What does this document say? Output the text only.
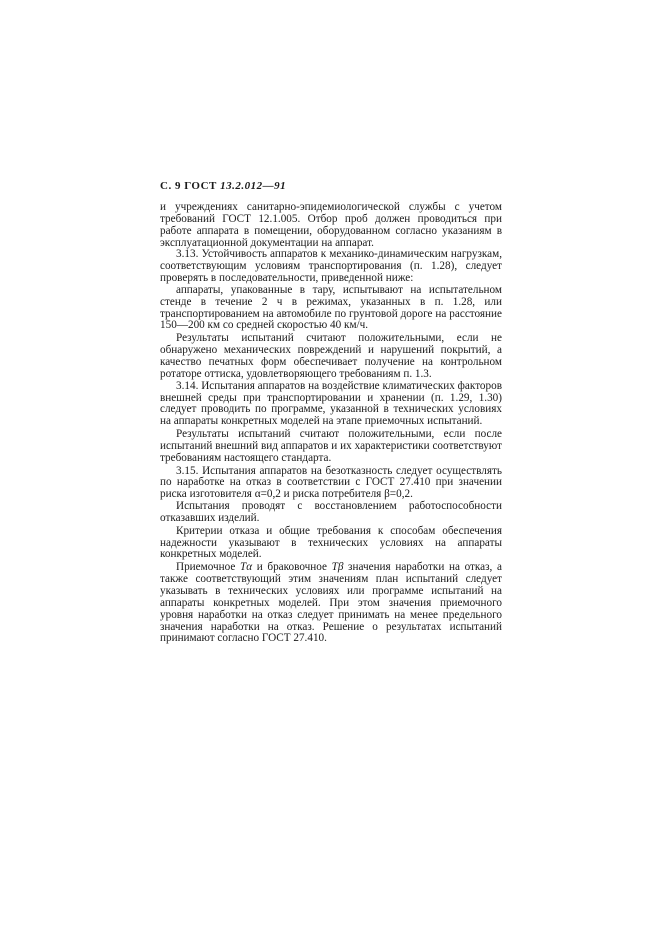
С. 9 ГОСТ 13.2.012—91

и учреждениях санитарно-эпидемиологической службы с учетом требований ГОСТ 12.1.005. Отбор проб должен проводиться при работе аппарата в помещении, оборудованном согласно указаниям в эксплуатационной документации на аппарат.

3.13. Устойчивость аппаратов к механико-динамическим нагрузкам, соответствующим условиям транспортирования (п. 1.28), следует проверять в последовательности, приведенной ниже:

аппараты, упакованные в тару, испытывают на испытательном стенде в течение 2 ч в режимах, указанных в п. 1.28, или транспортированием на автомобиле по грунтовой дороге на расстояние 150—200 км со средней скоростью 40 км/ч.

Результаты испытаний считают положительными, если не обнаружено механических повреждений и нарушений покрытий, а качество печатных форм обеспечивает получение на контрольном ротаторе оттиска, удовлетворяющего требованиям п. 1.3.

3.14. Испытания аппаратов на воздействие климатических факторов внешней среды при транспортировании и хранении (п. 1.29, 1.30) следует проводить по программе, указанной в технических условиях на аппараты конкретных моделей на этапе приемочных испытаний.

Результаты испытаний считают положительными, если после испытаний внешний вид аппаратов и их характеристики соответствуют требованиям настоящего стандарта.

3.15. Испытания аппаратов на безотказность следует осуществлять по наработке на отказ в соответствии с ГОСТ 27.410 при значении риска изготовителя α=0,2 и риска потребителя β=0,2.

Испытания проводят с восстановлением работоспособности отказавших изделий.

Критерии отказа и общие требования к способам обеспечения надежности указывают в технических условиях на аппараты конкретных моделей.

Приемочное Tα и браковочное Tβ значения наработки на отказ, а также соответствующий этим значениям план испытаний следует указывать в технических условиях или программе испытаний на аппараты конкретных моделей. При этом значения приемочного уровня наработки на отказ следует принимать на менее предельного значения наработки на отказ. Решение о результатах испытаний принимают согласно ГОСТ 27.410.
